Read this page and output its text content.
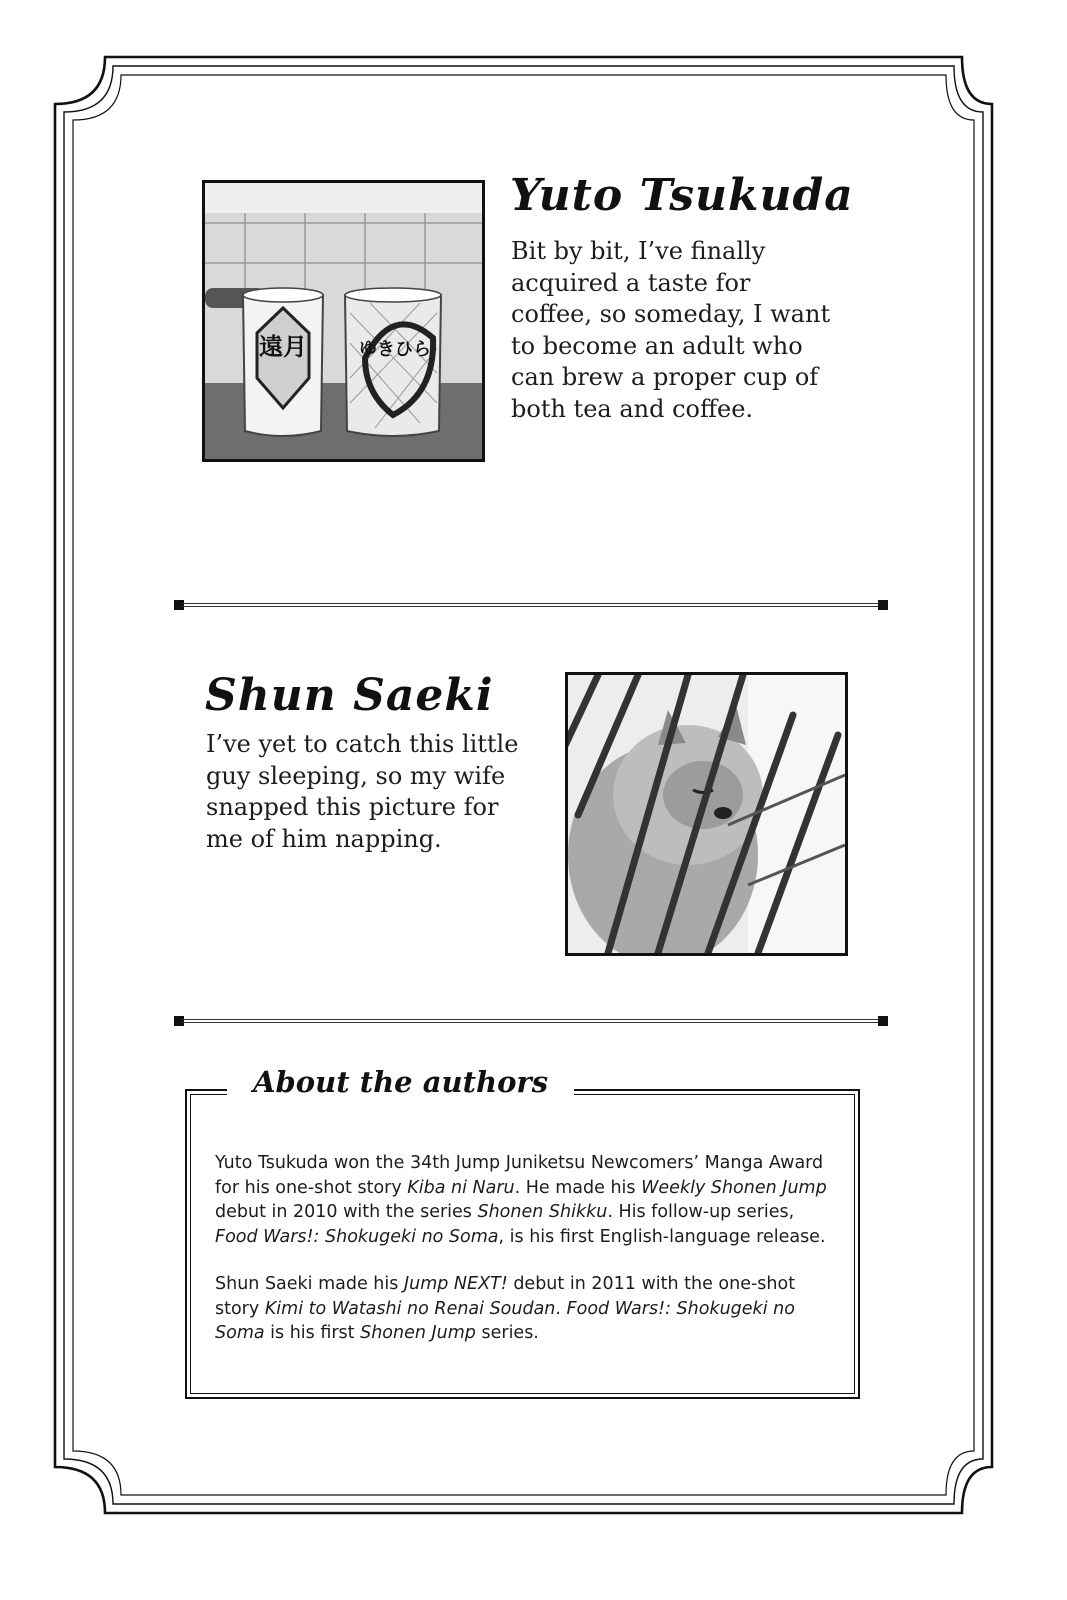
遠月	ゆきひら
Yuto Tsukuda

Bit by bit, I’ve finally acquired a taste for coffee, so someday, I want to become an adult who can brew a proper cup of both tea and coffee.

Shun Saeki

I’ve yet to catch this little guy sleeping, so my wife snapped this picture for me of him napping.

About the authors

Yuto Tsukuda won the 34th Jump Juniketsu Newcomers’ Manga Award for his one-shot story Kiba ni Naru. He made his Weekly Shonen Jump debut in 2010 with the series Shonen Shikku. His follow-up series, Food Wars!: Shokugeki no Soma, is his first English-language release.

Shun Saeki made his Jump NEXT! debut in 2011 with the one-shot story Kimi to Watashi no Renai Soudan. Food Wars!: Shokugeki no Soma is his first Shonen Jump series.
